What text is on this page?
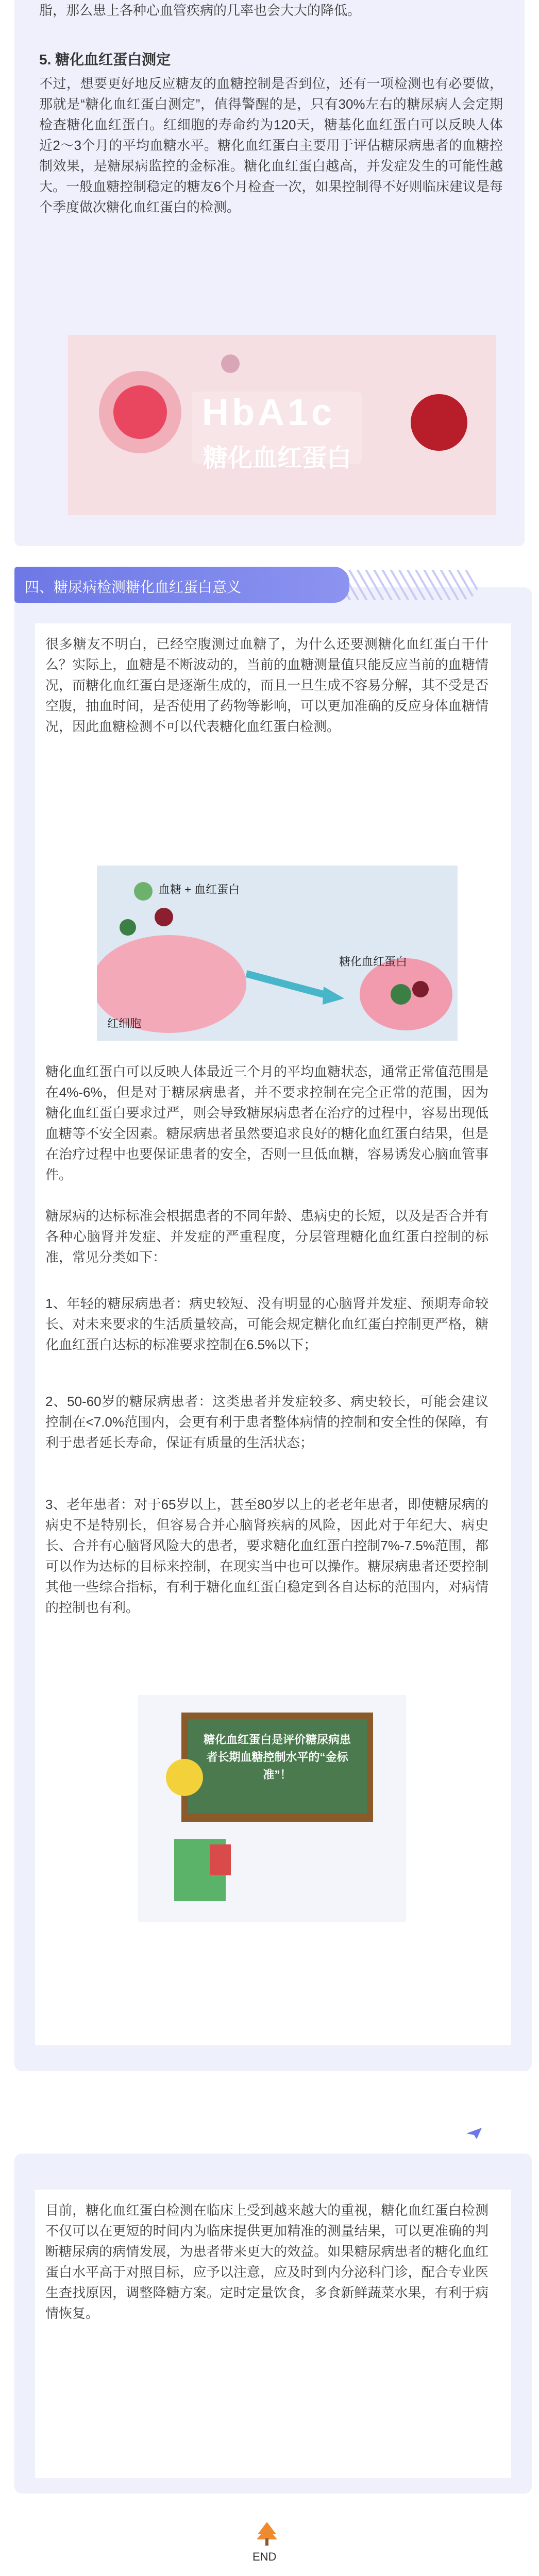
脂，那么患上各种心血管疾病的几率也会大大的降低。
5. 糖化血红蛋白测定
不过，想要更好地反应糖友的血糖控制是否到位，还有一项检测也有必要做，那就是“糖化血红蛋白测定”，值得警醒的是，只有30%左右的糖尿病人会定期检查糖化血红蛋白。红细胞的寿命约为120天，糖基化血红蛋白可以反映人体近2～3个月的平均血糖水平。糖化血红蛋白主要用于评估糖尿病患者的血糖控制效果，是糖尿病监控的金标准。糖化血红蛋白越高，并发症发生的可能性越大。一般血糖控制稳定的糖友6个月检查一次，如果控制得不好则临床建议是每个季度做次糖化血红蛋白的检测。
HbA1c
糖化血红蛋白
四、糖尿病检测糖化血红蛋白意义
很多糖友不明白，已经空腹测过血糖了，为什么还要测糖化血红蛋白干什么？实际上，血糖是不断波动的，当前的血糖测量值只能反应当前的血糖情况，而糖化血红蛋白是逐渐生成的，而且一旦生成不容易分解，其不受是否空腹，抽血时间，是否使用了药物等影响，可以更加准确的反应身体血糖情况，因此血糖检测不可以代表糖化血红蛋白检测。
血糖 + 血红蛋白
糖化血红蛋白
红细胞
糖化血红蛋白可以反映人体最近三个月的平均血糖状态，通常正常值范围是在4%-6%，但是对于糖尿病患者，并不要求控制在完全正常的范围，因为糖化血红蛋白要求过严，则会导致糖尿病患者在治疗的过程中，容易出现低血糖等不安全因素。糖尿病患者虽然要追求良好的糖化血红蛋白结果，但是在治疗过程中也要保证患者的安全，否则一旦低血糖，容易诱发心脑血管事件。
糖尿病的达标标准会根据患者的不同年龄、患病史的长短，以及是否合并有各种心脑肾并发症、并发症的严重程度，分层管理糖化血红蛋白控制的标准，常见分类如下：
1、年轻的糖尿病患者：病史较短、没有明显的心脑肾并发症、预期寿命较长、对未来要求的生活质量较高，可能会规定糖化血红蛋白控制更严格，糖化血红蛋白达标的标准要求控制在6.5%以下；
2、50-60岁的糖尿病患者：这类患者并发症较多、病史较长，可能会建议控制在<7.0%范围内，会更有利于患者整体病情的控制和安全性的保障，有利于患者延长寿命，保证有质量的生活状态；
3、老年患者：对于65岁以上，甚至80岁以上的老老年患者，即使糖尿病的病史不是特别长，但容易合并心脑肾疾病的风险，因此对于年纪大、病史长、合并有心脑肾风险大的患者，要求糖化血红蛋白控制7%-7.5%范围，都可以作为达标的目标来控制，在现实当中也可以操作。糖尿病患者还要控制其他一些综合指标，有利于糖化血红蛋白稳定到各自达标的范围内，对病情的控制也有利。
糖化血红蛋白是评价糖尿病患者长期血糖控制水平的“金标准”！
目前，糖化血红蛋白检测在临床上受到越来越大的重视，糖化血红蛋白检测不仅可以在更短的时间内为临床提供更加精准的测量结果，可以更准确的判断糖尿病的病情发展，为患者带来更大的效益。如果糖尿病患者的糖化血红蛋白水平高于对照目标，应予以注意，应及时到内分泌科门诊，配合专业医生查找原因，调整降糖方案。定时定量饮食，多食新鲜蔬菜水果，有利于病情恢复。
END
